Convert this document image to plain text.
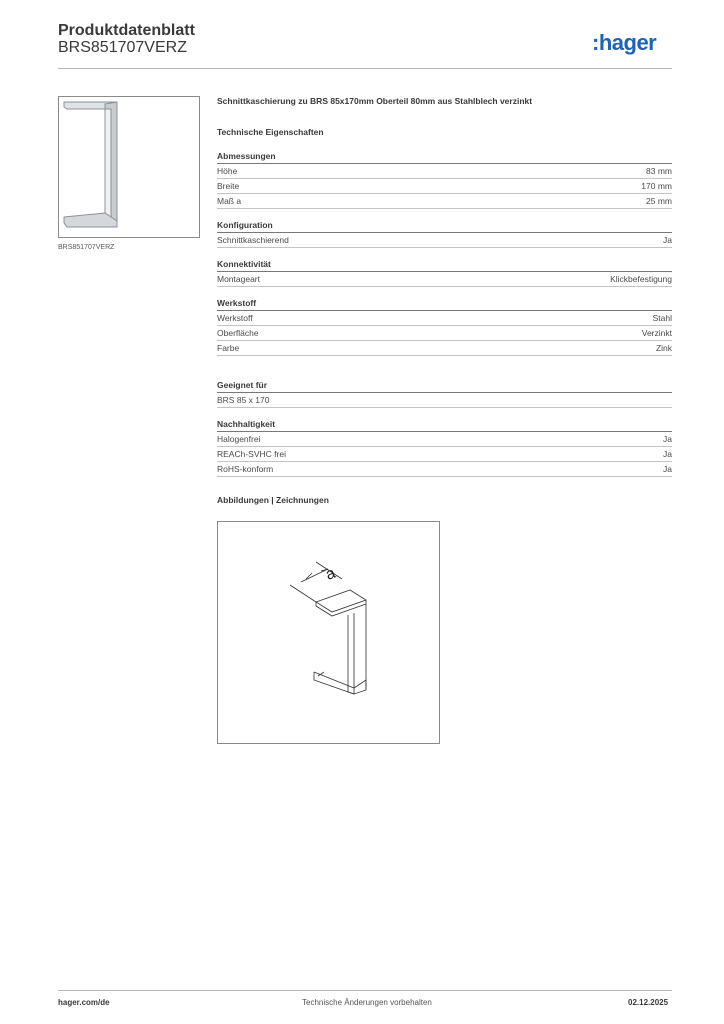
Produktdatenblatt
BRS851707VERZ	:hager
BRS851707VERZ
Schnittkaschierung zu BRS 85x170mm Oberteil 80mm aus Stahlblech verzinkt
Technische Eigenschaften
Abmessungen
Höhe	83 mm
Breite	170 mm
Maß a	25 mm
Konfiguration
Schnittkaschierend	Ja
Konnektivität
Montageart	Klickbefestigung
Werkstoff
Werkstoff	Stahl
Oberfläche	Verzinkt
Farbe	Zink
Geeignet für
BRS 85 x 170
Nachhaltigkeit
Halogenfrei	Ja
REACh-SVHC frei	Ja
RoHS-konform	Ja
Abbildungen | Zeichnungen
a
hager.com/de	Technische Änderungen vorbehalten	02.12.2025
